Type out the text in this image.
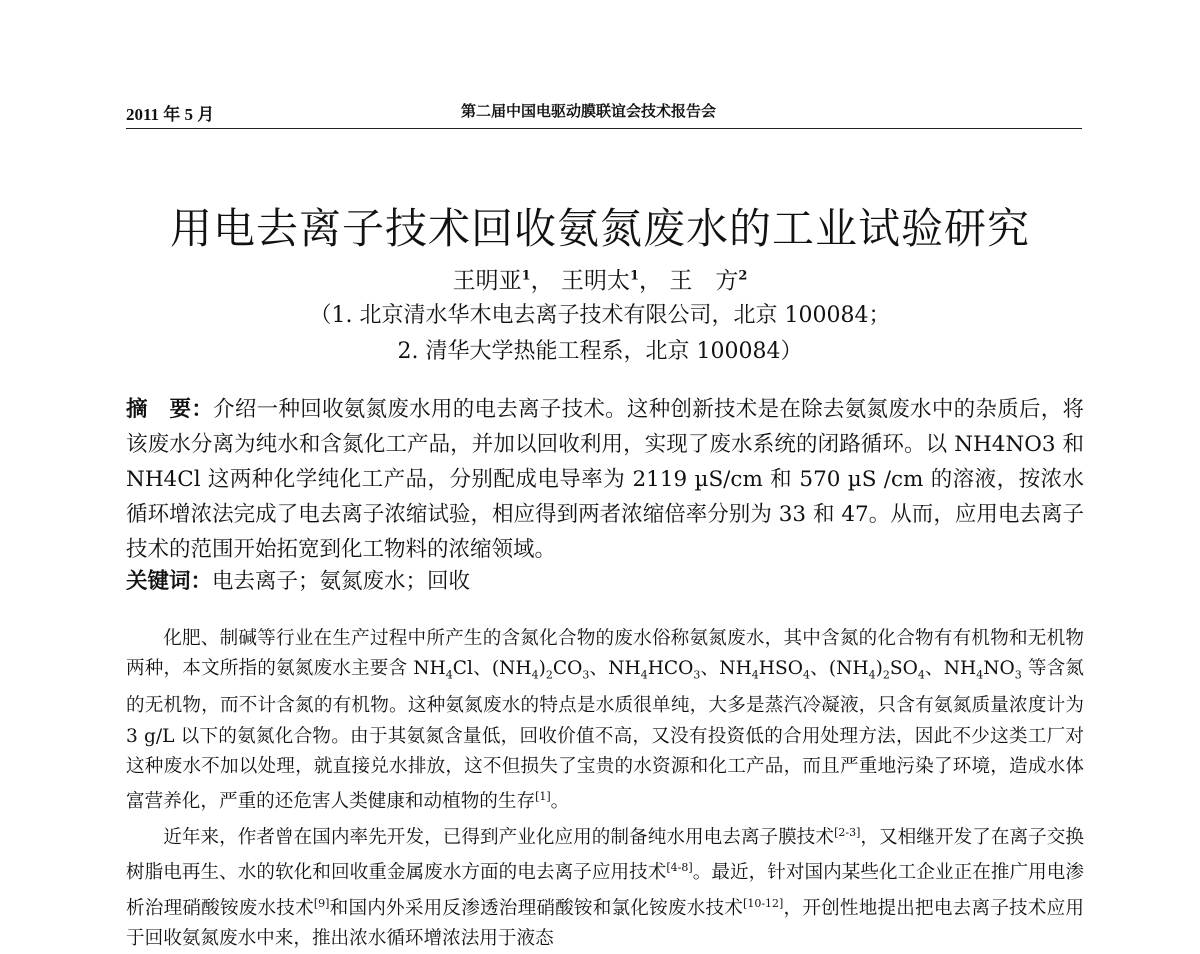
2011 年 5 月	第二届中国电驱动膜联谊会技术报告会
用电去离子技术回收氨氮废水的工业试验研究
王明亚$^1$， 王明太$^1$， 王　方$^2$
（1. 北京清水华木电去离子技术有限公司，北京 100084；
2. 清华大学热能工程系，北京 100084）
摘　要：介绍一种回收氨氮废水用的电去离子技术。这种创新技术是在除去氨氮废水中的杂质后，将该废水分离为纯水和含氮化工产品，并加以回收利用，实现了废水系统的闭路循环。以 NH4NO3 和 NH4Cl 这两种化学纯化工产品，分别配成电导率为 2119 µS/cm 和 570 µS /cm 的溶液，按浓水循环增浓法完成了电去离子浓缩试验，相应得到两者浓缩倍率分别为 33 和 47。从而，应用电去离子技术的范围开始拓宽到化工物料的浓缩领域。
关键词：电去离子；氨氮废水；回收

化肥、制碱等行业在生产过程中所产生的含氮化合物的废水俗称氨氮废水，其中含氮的化合物有有机物和无机物两种，本文所指的氨氮废水主要含 $NH_4Cl$、$(NH_4)_2CO_3$、$NH_4HCO_3$、$NH_4HSO_4$、$(NH_4)_2SO_4$、$NH_4NO_3$ 等含氮的无机物，而不计含氮的有机物。这种氨氮废水的特点是水质很单纯，大多是蒸汽冷凝液，只含有氨氮质量浓度计为 3 g/L 以下的氨氮化合物。由于其氨氮含量低，回收价值不高，又没有投资低的合用处理方法，因此不少这类工厂对这种废水不加以处理，就直接兑水排放，这不但损失了宝贵的水资源和化工产品，而且严重地污染了环境，造成水体富营养化，严重的还危害人类健康和动植物的生存[1]。

近年来，作者曾在国内率先开发，已得到产业化应用的制备纯水用电去离子膜技术[2-3]，又相继开发了在离子交换树脂电再生、水的软化和回收重金属废水方面的电去离子应用技术[4-8]。最近，针对国内某些化工企业正在推广用电渗析治理硝酸铵废水技术[9]和国内外采用反渗透治理硝酸铵和氯化铵废水技术[10-12]，开创性地提出把电去离子技术应用于回收氨氮废水中来，推出浓水循环增浓法用于液态
